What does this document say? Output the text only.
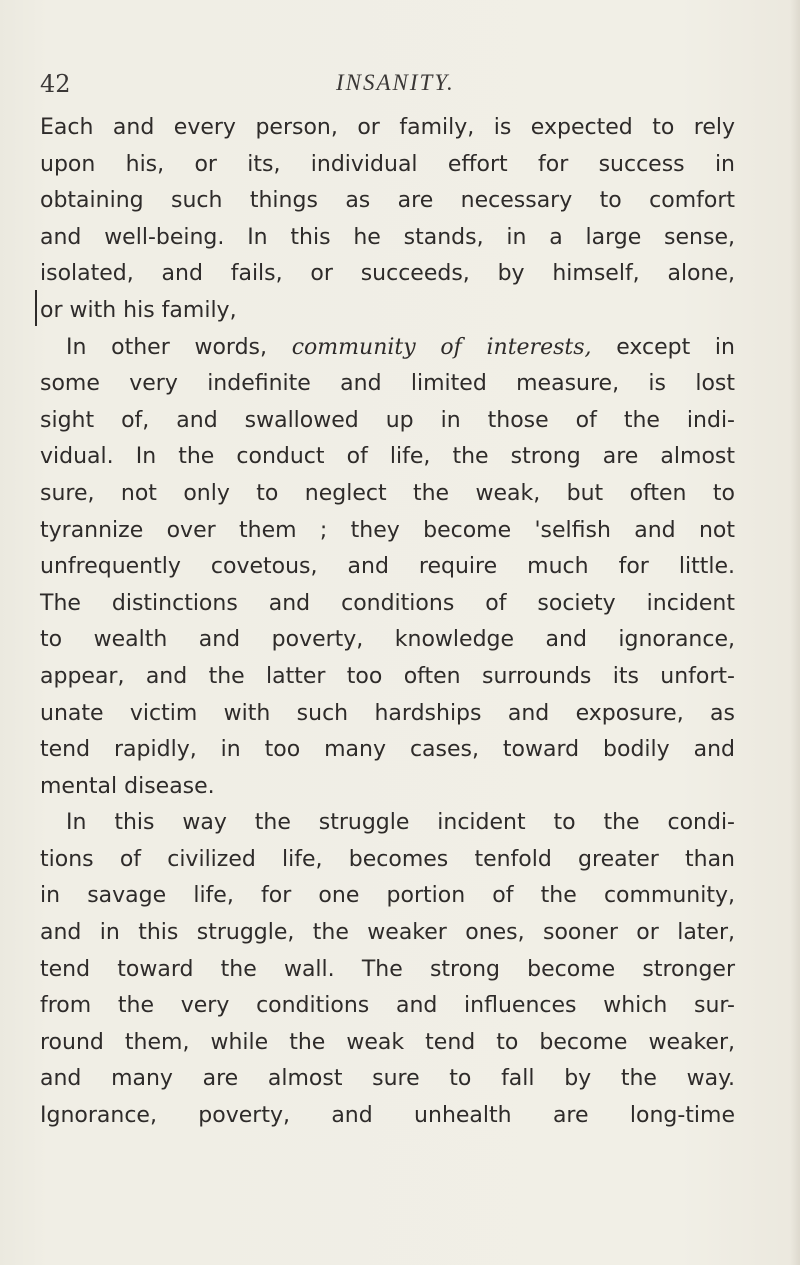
42	INSANITY.
Each and every person, or family, is expected to rely
upon his, or its, individual effort for success in
obtaining such things as are necessary to comfort
and well-being. In this he stands, in a large sense,
isolated, and fails, or succeeds, by himself, alone,
or with his family,
In other words, community of interests, except in
some very indefinite and limited measure, is lost
sight of, and swallowed up in those of the indi-
vidual. In the conduct of life, the strong are almost
sure, not only to neglect the weak, but often to
tyrannize over them ; they become 'selfish and not
unfrequently covetous, and require much for little.
The distinctions and conditions of society incident
to wealth and poverty, knowledge and ignorance,
appear, and the latter too often surrounds its unfort-
unate victim with such hardships and exposure, as
tend rapidly, in too many cases, toward bodily and
mental disease.
In this way the struggle incident to the condi-
tions of civilized life, becomes tenfold greater than
in savage life, for one portion of the community,
and in this struggle, the weaker ones, sooner or later,
tend toward the wall. The strong become stronger
from the very conditions and influences which sur-
round them, while the weak tend to become weaker,
and many are almost sure to fall by the way.
Ignorance, poverty, and unhealth are long-time
